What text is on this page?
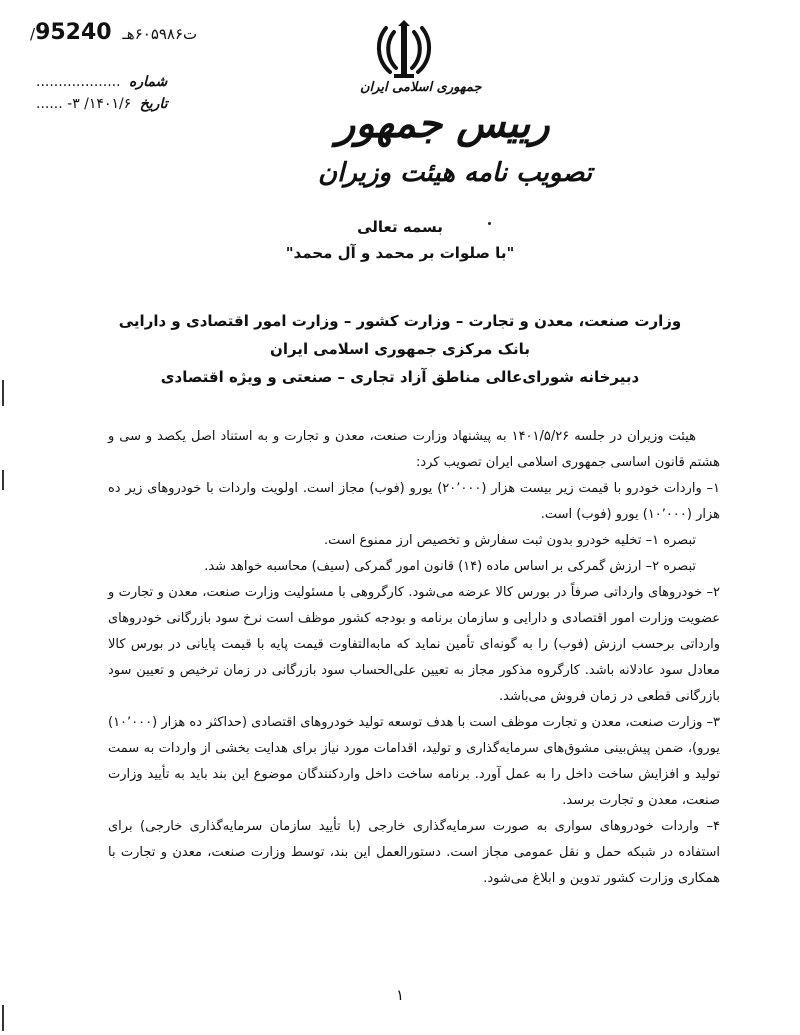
/ت۶۰۵۹۸۶هـ 95240
شماره ...................
تاریخ ۱۴۰۱/۶/ ۳- ......
جمهوری اسلامی ایران
رییس جمهور
تصویب نامه هیئت وزیران
بسمه تعالی
"با صلوات بر محمد و آل محمد"
وزارت صنعت، معدن و تجارت – وزارت کشور – وزارت امور اقتصادی و دارایی
بانک مرکزی جمهوری اسلامی ایران
دبیرخانه شورای‌عالی مناطق آزاد تجاری – صنعتی و ویژه اقتصادی

هیئت وزیران در جلسه ۱۴۰۱/۵/۲۶ به پیشنهاد وزارت صنعت، معدن و تجارت و به استناد اصل یکصد و سی و هشتم قانون اساسی جمهوری اسلامی ایران تصویب کرد:

۱– واردات خودرو با قیمت زیر بیست هزار (۲۰٬۰۰۰) یورو (فوب) مجاز است. اولویت واردات با خودروهای زیر ده هزار (۱۰٬۰۰۰) یورو (فوب) است.

تبصره ۱– تخلیه خودرو بدون ثبت سفارش و تخصیص ارز ممنوع است.

تبصره ۲– ارزش گمرکی بر اساس ماده (۱۴) قانون امور گمرکی (سیف) محاسبه خواهد شد.

۲– خودروهای وارداتی صرفاً در بورس کالا عرضه می‌شود. کارگروهی با مسئولیت وزارت صنعت، معدن و تجارت و عضویت وزارت امور اقتصادی و دارایی و سازمان برنامه و بودجه کشور موظف است نرخ سود بازرگانی خودروهای وارداتی برحسب ارزش (فوب) را به گونه‌ای تأمین نماید که مابه‌التفاوت قیمت پایه با قیمت پایانی در بورس کالا معادل سود عادلانه باشد. کارگروه مذکور مجاز به تعیین علی‌الحساب سود بازرگانی در زمان ترخیص و تعیین سود بازرگانی قطعی در زمان فروش می‌باشد.

۳– وزارت صنعت، معدن و تجارت موظف است با هدف توسعه تولید خودروهای اقتصادی (حداکثر ده هزار (۱۰٬۰۰۰) یورو)، ضمن پیش‌بینی مشوق‌های سرمایه‌گذاری و تولید، اقدامات مورد نیاز برای هدایت بخشی از واردات به سمت تولید و افزایش ساخت داخل را به عمل آورد. برنامه ساخت داخل واردکنندگان موضوع این بند باید به تأیید وزارت صنعت، معدن و تجارت برسد.

۴– واردات خودروهای سواری به صورت سرمایه‌گذاری خارجی (با تأیید سازمان سرمایه‌گذاری خارجی) برای استفاده در شبکه حمل و نقل عمومی مجاز است. دستورالعمل این بند، توسط وزارت صنعت، معدن و تجارت با همکاری وزارت کشور تدوین و ابلاغ می‌شود.

۱
